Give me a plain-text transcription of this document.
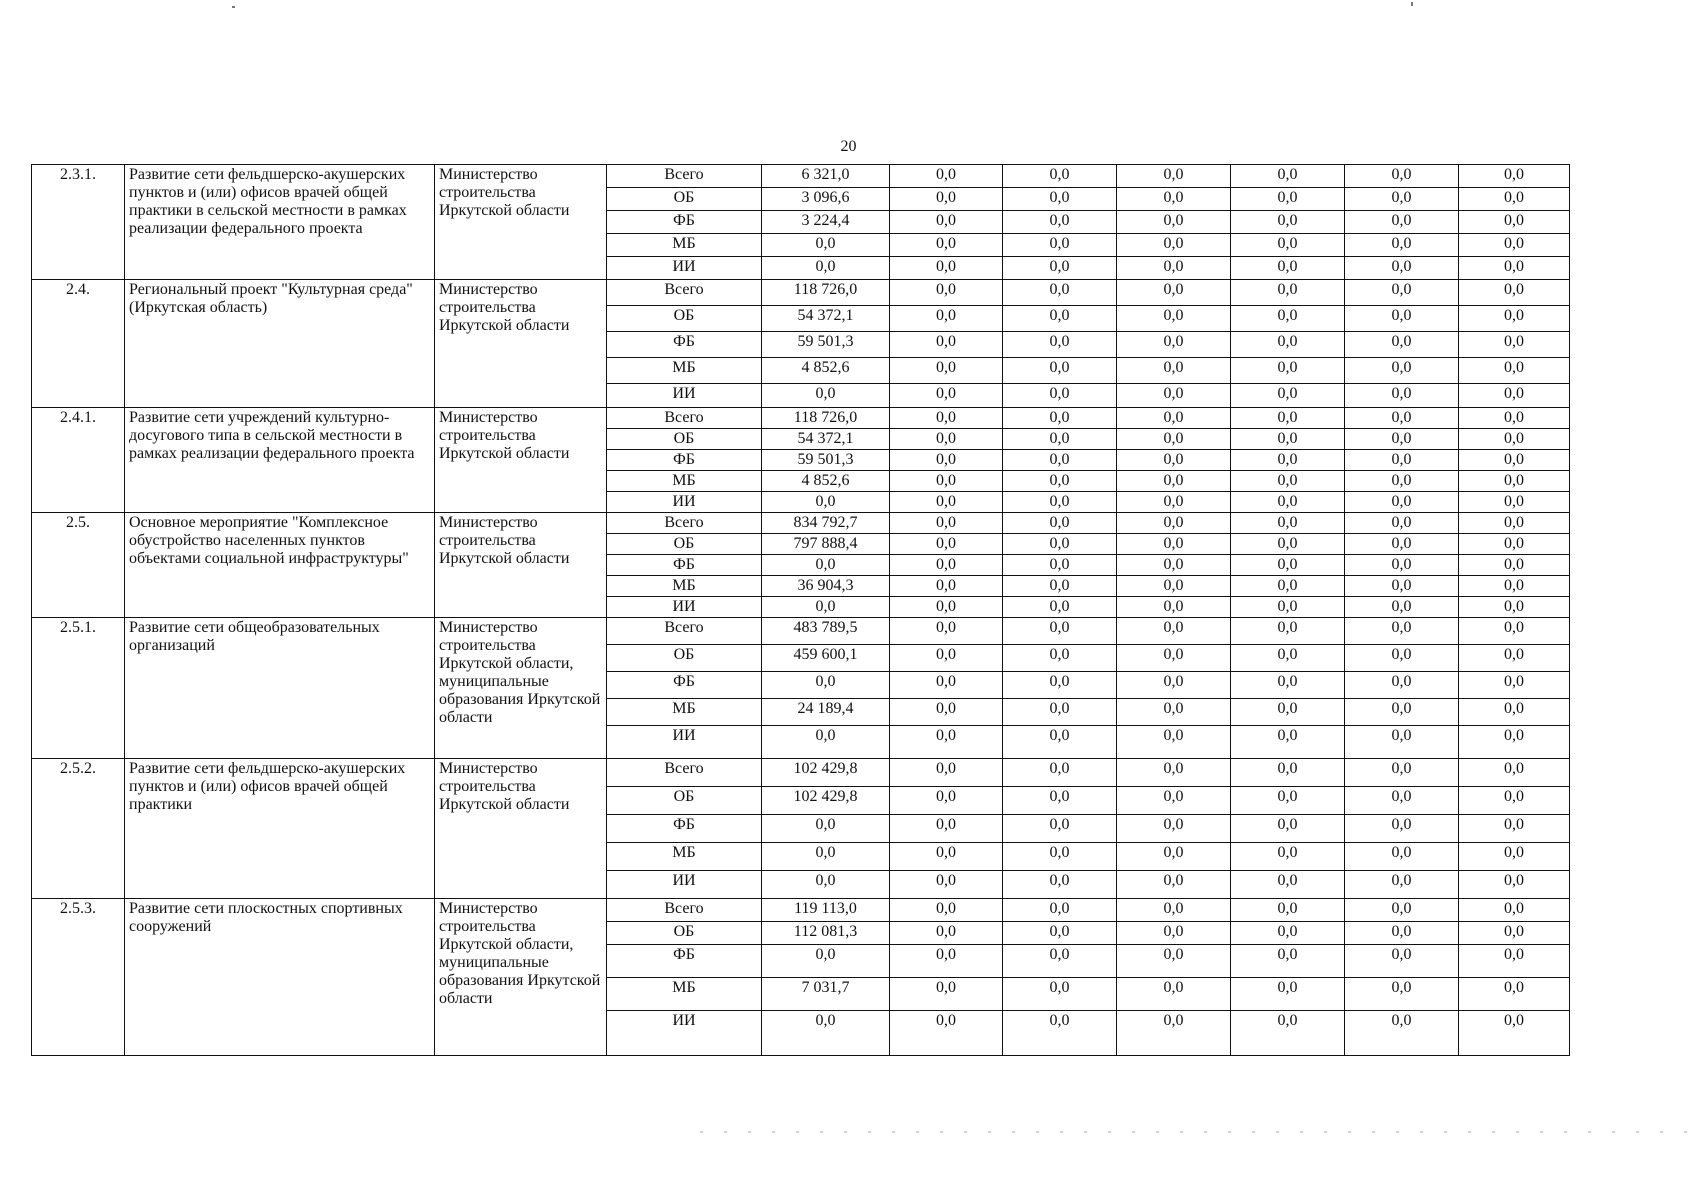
20
2.3.1.	Развитие сети фельдшерско-акушерских пунктов и (или) офисов врачей общей практики в сельской местности в рамках реализации федерального проекта	Министерство строительства Иркутской области	Всего	6 321,0	0,0	0,0	0,0	0,0	0,0	0,0
			ОБ	3 096,6	0,0	0,0	0,0	0,0	0,0	0,0
			ФБ	3 224,4	0,0	0,0	0,0	0,0	0,0	0,0
			МБ	0,0	0,0	0,0	0,0	0,0	0,0	0,0
			ИИ	0,0	0,0	0,0	0,0	0,0	0,0	0,0
2.4.	Региональный проект "Культурная среда" (Иркутская область)	Министерство строительства Иркутской области	Всего	118 726,0	0,0	0,0	0,0	0,0	0,0	0,0
			ОБ	54 372,1	0,0	0,0	0,0	0,0	0,0	0,0
			ФБ	59 501,3	0,0	0,0	0,0	0,0	0,0	0,0
			МБ	4 852,6	0,0	0,0	0,0	0,0	0,0	0,0
			ИИ	0,0	0,0	0,0	0,0	0,0	0,0	0,0
2.4.1.	Развитие сети учреждений культурно-досугового типа в сельской местности в рамках реализации федерального проекта	Министерство строительства Иркутской области	Всего	118 726,0	0,0	0,0	0,0	0,0	0,0	0,0
			ОБ	54 372,1	0,0	0,0	0,0	0,0	0,0	0,0
			ФБ	59 501,3	0,0	0,0	0,0	0,0	0,0	0,0
			МБ	4 852,6	0,0	0,0	0,0	0,0	0,0	0,0
			ИИ	0,0	0,0	0,0	0,0	0,0	0,0	0,0
2.5.	Основное мероприятие "Комплексное обустройство населенных пунктов объектами социальной инфраструктуры"	Министерство строительства Иркутской области	Всего	834 792,7	0,0	0,0	0,0	0,0	0,0	0,0
			ОБ	797 888,4	0,0	0,0	0,0	0,0	0,0	0,0
			ФБ	0,0	0,0	0,0	0,0	0,0	0,0	0,0
			МБ	36 904,3	0,0	0,0	0,0	0,0	0,0	0,0
			ИИ	0,0	0,0	0,0	0,0	0,0	0,0	0,0
2.5.1.	Развитие сети общеобразовательных организаций	Министерство строительства Иркутской области, муниципальные образования Иркутской области	Всего	483 789,5	0,0	0,0	0,0	0,0	0,0	0,0
			ОБ	459 600,1	0,0	0,0	0,0	0,0	0,0	0,0
			ФБ	0,0	0,0	0,0	0,0	0,0	0,0	0,0
			МБ	24 189,4	0,0	0,0	0,0	0,0	0,0	0,0
			ИИ	0,0	0,0	0,0	0,0	0,0	0,0	0,0
2.5.2.	Развитие сети фельдшерско-акушерских пунктов и (или) офисов врачей общей практики	Министерство строительства Иркутской области	Всего	102 429,8	0,0	0,0	0,0	0,0	0,0	0,0
			ОБ	102 429,8	0,0	0,0	0,0	0,0	0,0	0,0
			ФБ	0,0	0,0	0,0	0,0	0,0	0,0	0,0
			МБ	0,0	0,0	0,0	0,0	0,0	0,0	0,0
			ИИ	0,0	0,0	0,0	0,0	0,0	0,0	0,0
2.5.3.	Развитие сети плоскостных спортивных сооружений	Министерство строительства Иркутской области, муниципальные образования Иркутской области	Всего	119 113,0	0,0	0,0	0,0	0,0	0,0	0,0
			ОБ	112 081,3	0,0	0,0	0,0	0,0	0,0	0,0
			ФБ	0,0	0,0	0,0	0,0	0,0	0,0	0,0
			МБ	7 031,7	0,0	0,0	0,0	0,0	0,0	0,0
			ИИ	0,0	0,0	0,0	0,0	0,0	0,0	0,0
